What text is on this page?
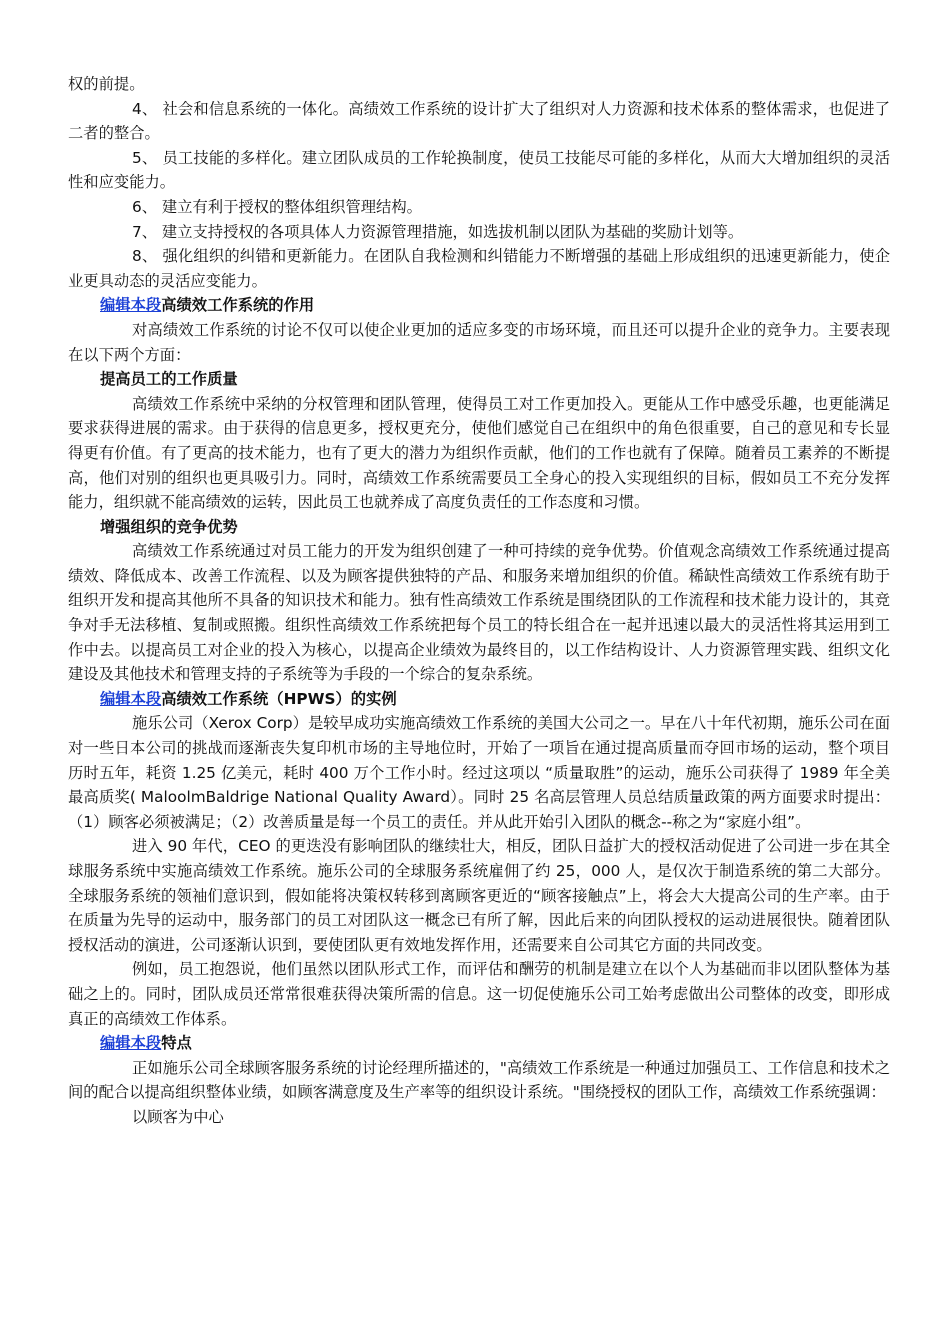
权的前提。

4、 社会和信息系统的一体化。高绩效工作系统的设计扩大了组织对人力资源和技术体系的整体需求，也促进了二者的整合。

5、 员工技能的多样化。建立团队成员的工作轮换制度，使员工技能尽可能的多样化，从而大大增加组织的灵活性和应变能力。

6、 建立有利于授权的整体组织管理结构。

7、 建立支持授权的各项具体人力资源管理措施，如选拔机制以团队为基础的奖励计划等。

8、 强化组织的纠错和更新能力。在团队自我检测和纠错能力不断增强的基础上形成组织的迅速更新能力，使企业更具动态的灵活应变能力。

编辑本段高绩效工作系统的作用

对高绩效工作系统的讨论不仅可以使企业更加的适应多变的市场环境，而且还可以提升企业的竞争力。主要表现在以下两个方面：

提高员工的工作质量

高绩效工作系统中采纳的分权管理和团队管理，使得员工对工作更加投入。更能从工作中感受乐趣，也更能满足要求获得进展的需求。由于获得的信息更多，授权更充分，使他们感觉自己在组织中的角色很重要，自己的意见和专长显得更有价值。有了更高的技术能力，也有了更大的潜力为组织作贡献，他们的工作也就有了保障。随着员工素养的不断提高，他们对别的组织也更具吸引力。同时，高绩效工作系统需要员工全身心的投入实现组织的目标，假如员工不充分发挥能力，组织就不能高绩效的运转，因此员工也就养成了高度负责任的工作态度和习惯。

增强组织的竞争优势

高绩效工作系统通过对员工能力的开发为组织创建了一种可持续的竞争优势。价值观念高绩效工作系统通过提高绩效、降低成本、改善工作流程、以及为顾客提供独特的产品、和服务来增加组织的价值。稀缺性高绩效工作系统有助于组织开发和提高其他所不具备的知识技术和能力。独有性高绩效工作系统是围绕团队的工作流程和技术能力设计的，其竞争对手无法移植、复制或照搬。组织性高绩效工作系统把每个员工的特长组合在一起并迅速以最大的灵活性将其运用到工作中去。以提高员工对企业的投入为核心，以提高企业绩效为最终目的，以工作结构设计、人力资源管理实践、组织文化建设及其他技术和管理支持的子系统等为手段的一个综合的复杂系统。

编辑本段高绩效工作系统（HPWS）的实例

施乐公司（Xerox Corp）是较早成功实施高绩效工作系统的美国大公司之一。早在八十年代初期，施乐公司在面对一些日本公司的挑战而逐渐丧失复印机市场的主导地位时，开始了一项旨在通过提高质量而夺回市场的运动，整个项目历时五年，耗资 1.25 亿美元，耗时 400 万个工作小时。经过这项以 “质量取胜”的运动，施乐公司获得了 1989 年全美最高质奖( MaloolmBaldrige National Quality Award）。同时 25 名高层管理人员总结质量政策的两方面要求时提出：（1）顾客必须被满足；（2）改善质量是每一个员工的责任。并从此开始引入团队的概念--称之为“家庭小组”。

进入 90 年代，CEO 的更迭没有影响团队的继续壮大，相反，团队日益扩大的授权活动促进了公司进一步在其全球服务系统中实施高绩效工作系统。施乐公司的全球服务系统雇佣了约 25，000 人，是仅次于制造系统的第二大部分。全球服务系统的领袖们意识到，假如能将决策权转移到离顾客更近的“顾客接触点”上，将会大大提高公司的生产率。由于在质量为先导的运动中，服务部门的员工对团队这一概念已有所了解，因此后来的向团队授权的运动进展很快。随着团队授权活动的演进，公司逐渐认识到，要使团队更有效地发挥作用，还需要来自公司其它方面的共同改变。

例如，员工抱怨说，他们虽然以团队形式工作，而评估和酬劳的机制是建立在以个人为基础而非以团队整体为基础之上的。同时，团队成员还常常很难获得决策所需的信息。这一切促使施乐公司工始考虑做出公司整体的改变，即形成真正的高绩效工作体系。

编辑本段特点

正如施乐公司全球顾客服务系统的讨论经理所描述的，"高绩效工作系统是一种通过加强员工、工作信息和技术之间的配合以提高组织整体业绩，如顾客满意度及生产率等的组织设计系统。"围绕授权的团队工作，高绩效工作系统强调：

以顾客为中心
